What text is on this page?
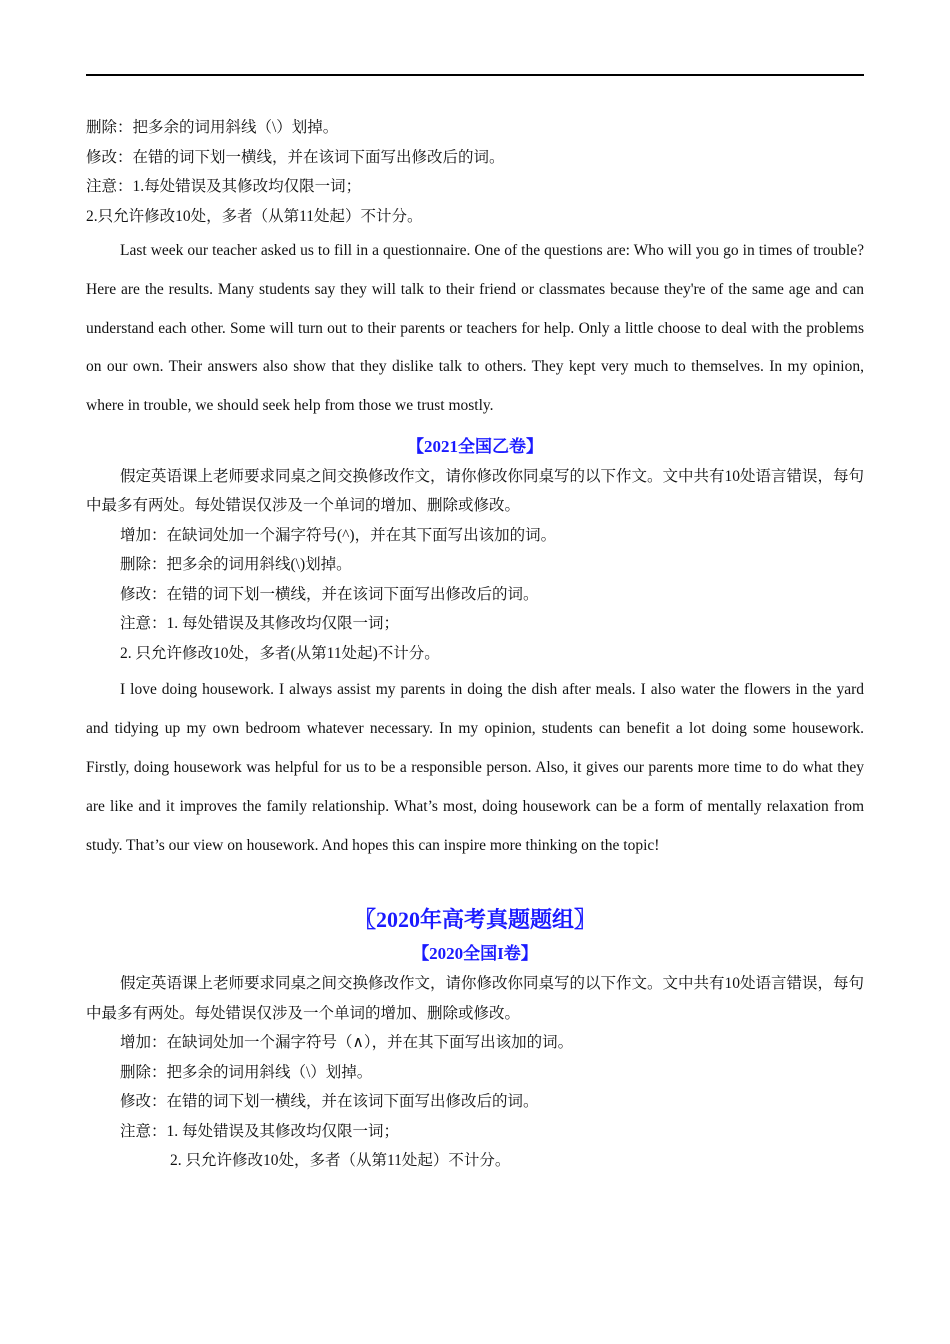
删除：把多余的词用斜线（\）划掉。

修改：在错的词下划一横线，并在该词下面写出修改后的词。

注意：1.每处错误及其修改均仅限一词；

2.只允许修改10处，多者（从第11处起）不计分。

Last week our teacher asked us to fill in a questionnaire. One of the questions are: Who will you go in times of trouble? Here are the results. Many students say they will talk to their friend or classmates because they're of the same age and can understand each other. Some will turn out to their parents or teachers for help. Only a little choose to deal with the problems on our own. Their answers also show that they dislike talk to others. They kept very much to themselves. In my opinion, where in trouble, we should seek help from those we trust mostly.

【2021全国乙卷】

假定英语课上老师要求同桌之间交换修改作文，请你修改你同桌写的以下作文。文中共有10处语言错误，每句中最多有两处。每处错误仅涉及一个单词的增加、删除或修改。

增加：在缺词处加一个漏字符号(^)，并在其下面写出该加的词。

删除：把多余的词用斜线(\)划掉。

修改：在错的词下划一横线，并在该词下面写出修改后的词。

注意：1. 每处错误及其修改均仅限一词；

2. 只允许修改10处，多者(从第11处起)不计分。

I love doing housework. I always assist my parents in doing the dish after meals. I also water the flowers in the yard and tidying up my own bedroom whatever necessary. In my opinion, students can benefit a lot doing some housework. Firstly, doing housework was helpful for us to be a responsible person. Also, it gives our parents more time to do what they are like and it improves the family relationship. What’s most, doing housework can be a form of mentally relaxation from study. That’s our view on housework. And hopes this can inspire more thinking on the topic!

〖2020年高考真题题组〗

【2020全国I卷】

假定英语课上老师要求同桌之间交换修改作文，请你修改你同桌写的以下作文。文中共有10处语言错误，每句中最多有两处。每处错误仅涉及一个单词的增加、删除或修改。

增加：在缺词处加一个漏字符号（∧），并在其下面写出该加的词。

删除：把多余的词用斜线（\）划掉。

修改：在错的词下划一横线，并在该词下面写出修改后的词。

注意：1. 每处错误及其修改均仅限一词；

2. 只允许修改10处，多者（从第11处起）不计分。
